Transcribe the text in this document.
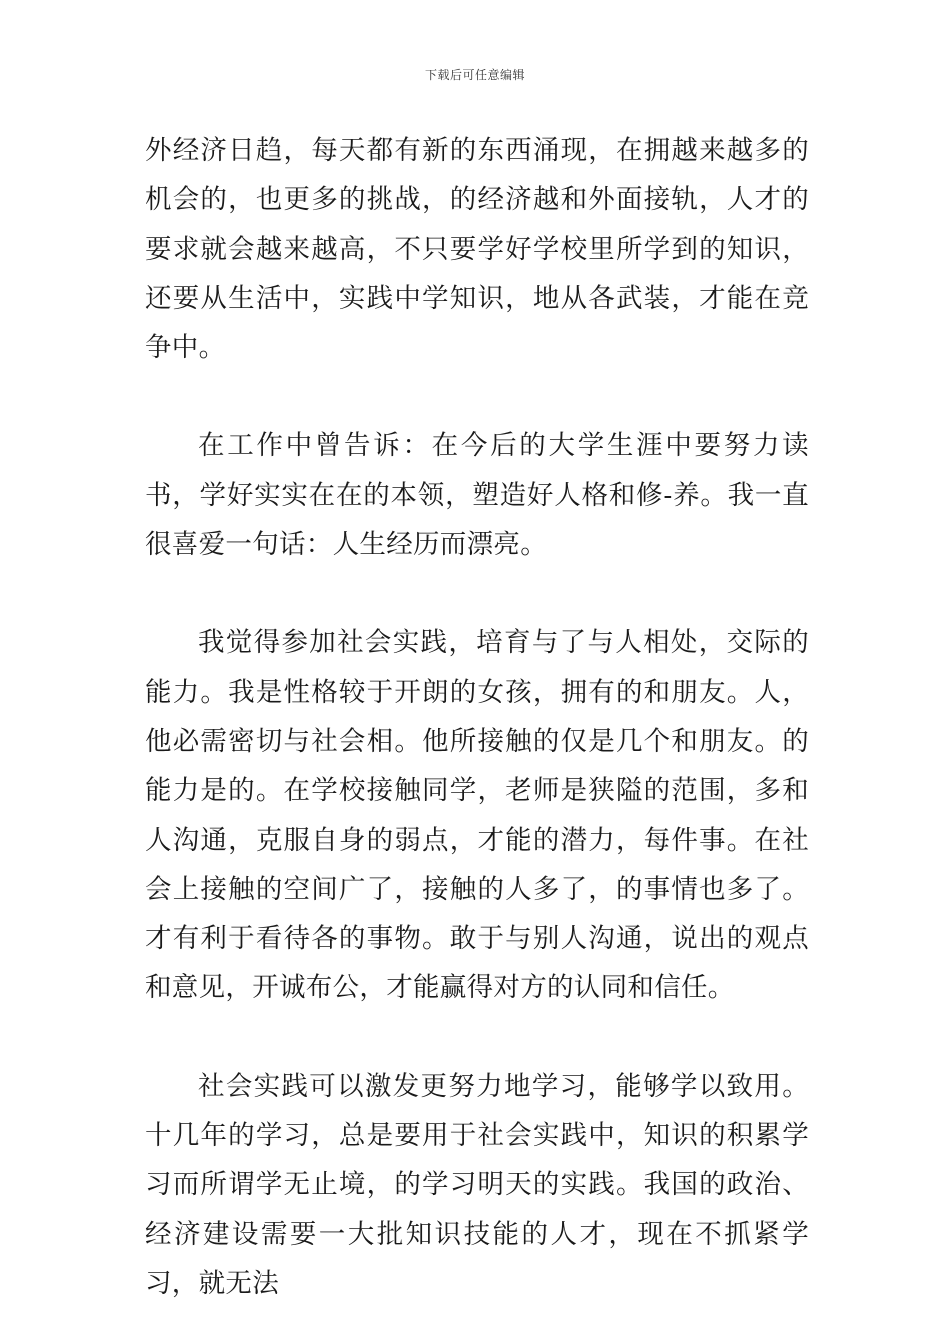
下载后可任意编辑

外经济日趋，每天都有新的东西涌现，在拥越来越多的机会的，也更多的挑战，的经济越和外面接轨，人才的要求就会越来越高，不只要学好学校里所学到的知识，还要从生活中，实践中学知识，地从各武装，才能在竞争中。

在工作中曾告诉：在今后的大学生涯中要努力读书，学好实实在在的本领，塑造好人格和修-养。我一直很喜爱一句话：人生经历而漂亮。

我觉得参加社会实践，培育与了与人相处，交际的能力。我是性格较于开朗的女孩，拥有的和朋友。人，他必需密切与社会相。他所接触的仅是几个和朋友。的能力是的。在学校接触同学，老师是狭隘的范围，多和人沟通，克服自身的弱点，才能的潜力，每件事。在社会上接触的空间广了，接触的人多了，的事情也多了。才有利于看待各的事物。敢于与别人沟通，说出的观点和意见，开诚布公，才能赢得对方的认同和信任。

社会实践可以激发更努力地学习，能够学以致用。十几年的学习，总是要用于社会实践中，知识的积累学习而所谓学无止境，的学习明天的实践。我国的政治、经济建设需要一大批知识技能的人才，现在不抓紧学习，就无法
